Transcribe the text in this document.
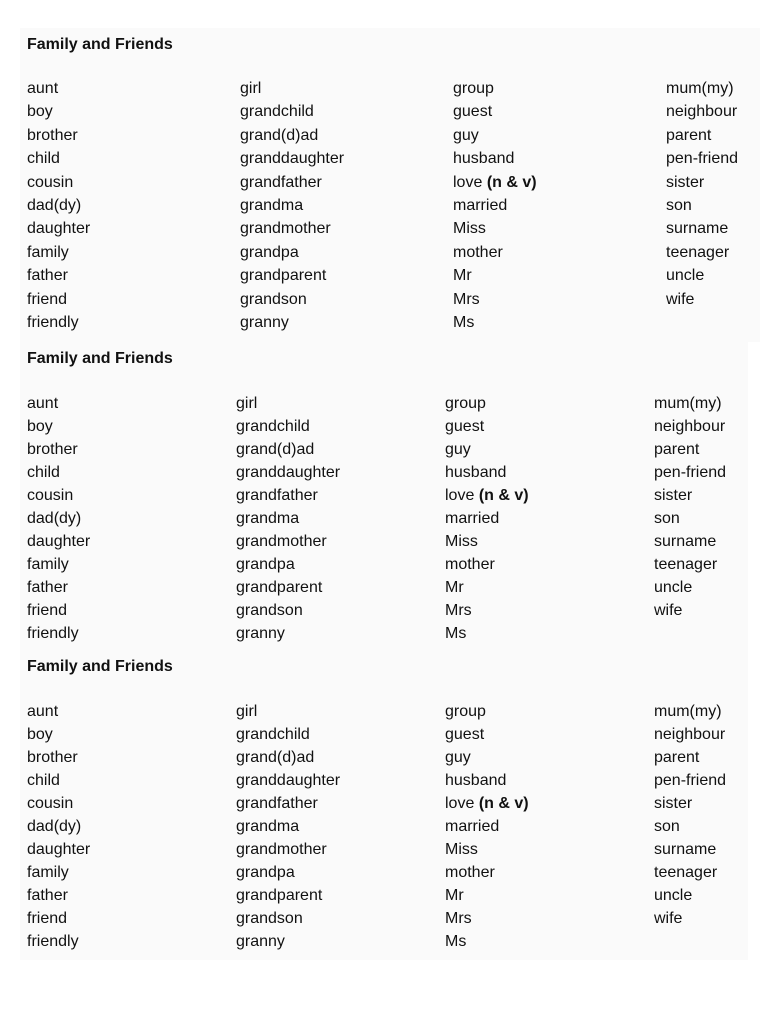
Family and Friends
aunt
boy
brother
child
cousin
dad(dy)
daughter
family
father
friend
friendly
girl
grandchild
grand(d)ad
granddaughter
grandfather
grandma
grandmother
grandpa
grandparent
grandson
granny
group
guest
guy
husband
love (n & v)
married
Miss
mother
Mr
Mrs
Ms
mum(my)
neighbour
parent
pen-friend
sister
son
surname
teenager
uncle
wife
Family and Friends
aunt
boy
brother
child
cousin
dad(dy)
daughter
family
father
friend
friendly
girl
grandchild
grand(d)ad
granddaughter
grandfather
grandma
grandmother
grandpa
grandparent
grandson
granny
group
guest
guy
husband
love (n & v)
married
Miss
mother
Mr
Mrs
Ms
mum(my)
neighbour
parent
pen-friend
sister
son
surname
teenager
uncle
wife
Family and Friends
aunt
boy
brother
child
cousin
dad(dy)
daughter
family
father
friend
friendly
girl
grandchild
grand(d)ad
granddaughter
grandfather
grandma
grandmother
grandpa
grandparent
grandson
granny
group
guest
guy
husband
love (n & v)
married
Miss
mother
Mr
Mrs
Ms
mum(my)
neighbour
parent
pen-friend
sister
son
surname
teenager
uncle
wife
